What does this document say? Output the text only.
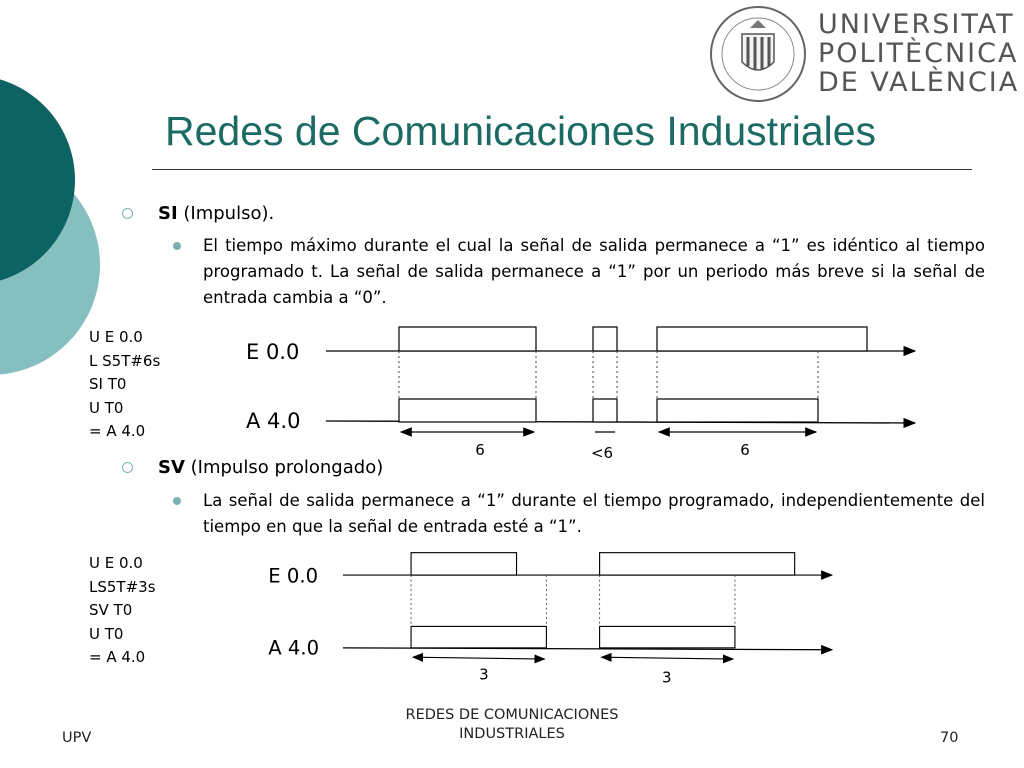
UNIVERSITAT
POLITÈCNICA
DE VALÈNCIA
Redes de Comunicaciones Industriales
SI (Impulso).
El tiempo máximo durante el cual la señal de salida permanece a “1” es idéntico al tiempo programado t. La señal de salida permanece a “1” por un periodo más breve si la señal de entrada cambia a “0”.
U E 0.0
L S5T#6s
SI T0
U T0
= A 4.0
E 0.0
A 4.0
6	<6	6
SV (Impulso prolongado)
La señal de salida permanece a “1” durante el tiempo programado, independientemente del tiempo en que la señal de entrada esté a “1”.
U E 0.0
LS5T#3s
SV T0
U T0
= A 4.0
E 0.0
A 4.0
3	3
UPV
REDES DE COMUNICACIONES
INDUSTRIALES	70
